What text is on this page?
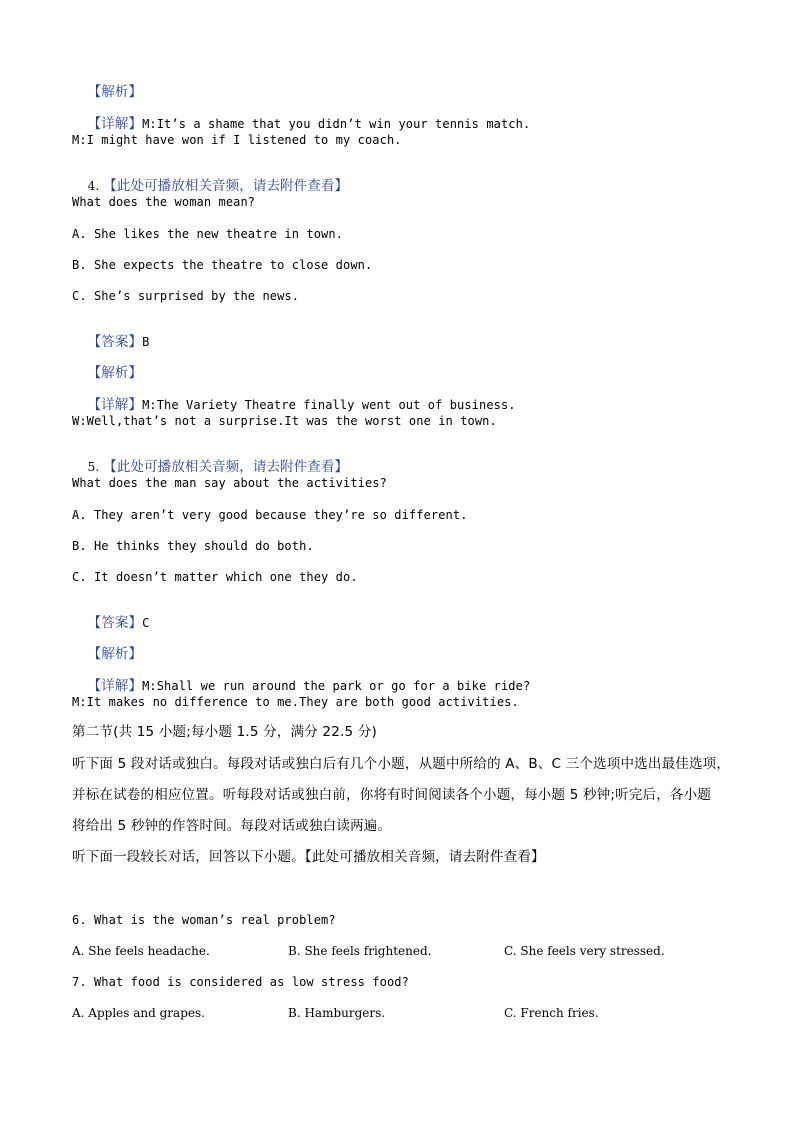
【解析】

【详解】M:It’s a shame that you didn’t win your tennis match.

M:I might have won if I listened to my coach.

4. 【此处可播放相关音频，请去附件查看】

What does the woman mean?
A. She likes the new theatre in town.
B. She expects the theatre to close down.
C. She’s surprised by the news.

【答案】B

【解析】

【详解】M:The Variety Theatre finally went out of business.

W:Well,that’s not a surprise.It was the worst one in town.

5. 【此处可播放相关音频，请去附件查看】

What does the man say about the activities?
A. They aren’t very good because they’re so different.
B. He thinks they should do both.
C. It doesn’t matter which one they do.

【答案】C

【解析】

【详解】M:Shall we run around the park or go for a bike ride?

M:It makes no difference to me.They are both good activities.
第二节(共 15 小题;每小题 1.5 分，满分 22.5 分)
听下面 5 段对话或独白。每段对话或独白后有几个小题，从题中所给的 A、B、C 三个选项中选出最佳选项，
并标在试卷的相应位置。听每段对话或独白前，你将有时间阅读各个小题，每小题 5 秒钟;听完后，各小题
将给出 5 秒钟的作答时间。每段对话或独白读两遍。
听下面一段较长对话，回答以下小题。【此处可播放相关音频，请去附件查看】
6. What is the woman’s real problem?
A. She feels headache.	B. She feels frightened.	C. She feels very stressed.
7. What food is considered as low stress food?
A. Apples and grapes.	B. Hamburgers.	C. French fries.
